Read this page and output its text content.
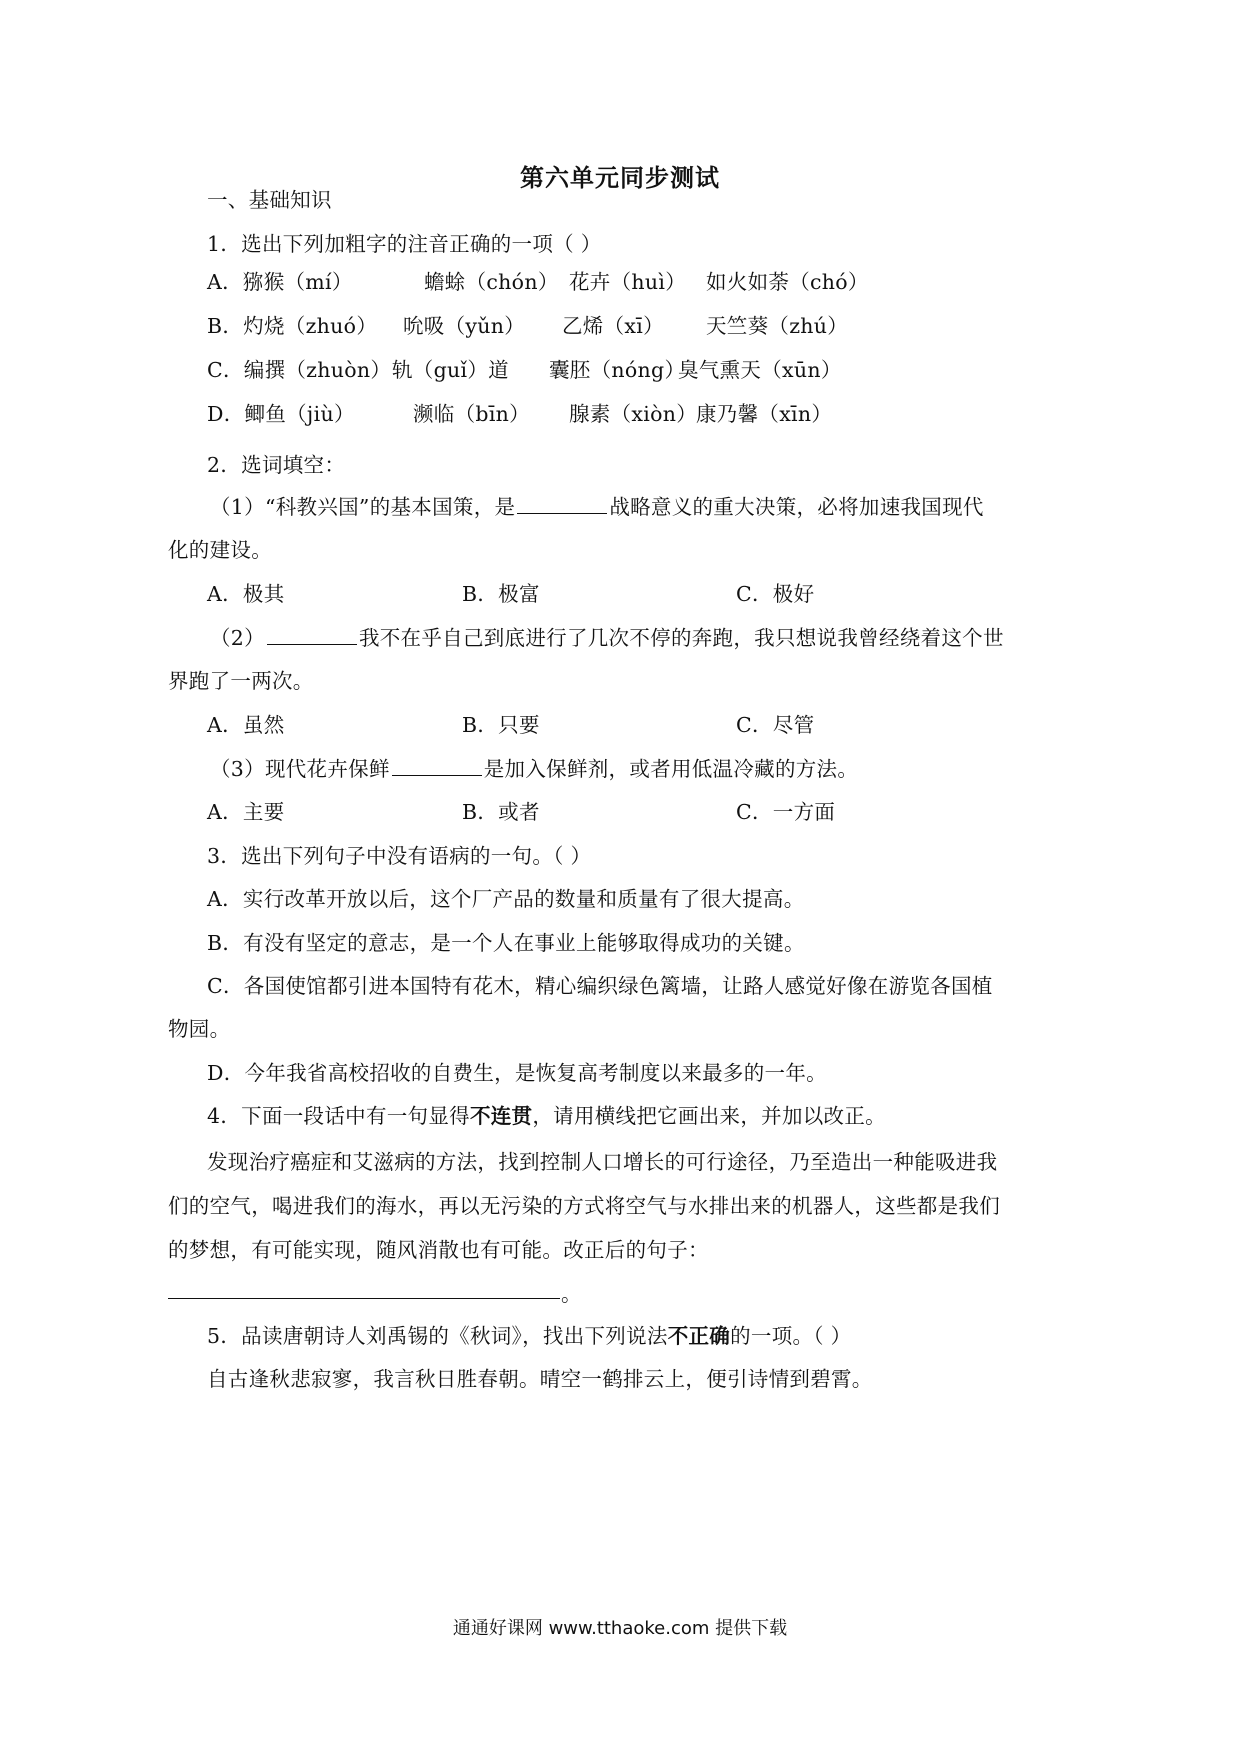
第六单元同步测试
一、基础知识
1．选出下列加粗字的注音正确的一项（ ）
A．猕猴（mí）	蟾蜍（chón） 花卉（huì） 如火如荼（chó）
B．灼烧（zhuó） 吮吸（yǔn） 乙烯（xī） 天竺葵（zhú）
C．编撰（zhuòn） 轨（guǐ）道 囊胚（nóng）
臭气熏天（xūn）
D．鲫鱼（jiù）	濒临（bīn） 腺素（xiòn）
康乃馨（xīn）
2．选词填空：
（1）“科教兴国”的基本国策，是	战略意义的重大决策，必将加速我国现代
化的建设。
A．极其	B．极富	C．极好
（2）	我不在乎自己到底进行了几次不停的奔跑，我只想说我曾经绕着这个世
界跑了一两次。
A．虽然	B．只要	C．尽管
（3）现代花卉保鲜	是加入保鲜剂，或者用低温冷藏的方法。
A．主要	B．或者	C．一方面
3．选出下列句子中没有语病的一句。（ ）
A．实行改革开放以后，这个厂产品的数量和质量有了很大提高。
B．有没有坚定的意志，是一个人在事业上能够取得成功的关键。
C．各国使馆都引进本国特有花木，精心编织绿色篱墙，让路人感觉好像在游览各国植
物园。
D．今年我省高校招收的自费生，是恢复高考制度以来最多的一年。
4．下面一段话中有一句显得不连贯，请用横线把它画出来，并加以改正。
发现治疗癌症和艾滋病的方法，找到控制人口增长的可行途径，乃至造出一种能吸进我
们的空气，喝进我们的海水，再以无污染的方式将空气与水排出来的机器人，这些都是我们
的梦想，有可能实现，随风消散也有可能。改正后的句子：
。
5．品读唐朝诗人刘禹锡的《秋词》，找出下列说法不正确的一项。（ ）
自古逢秋悲寂寥，我言秋日胜春朝。晴空一鹤排云上，便引诗情到碧霄。
通通好课网 www.tthaoke.com 提供下载
